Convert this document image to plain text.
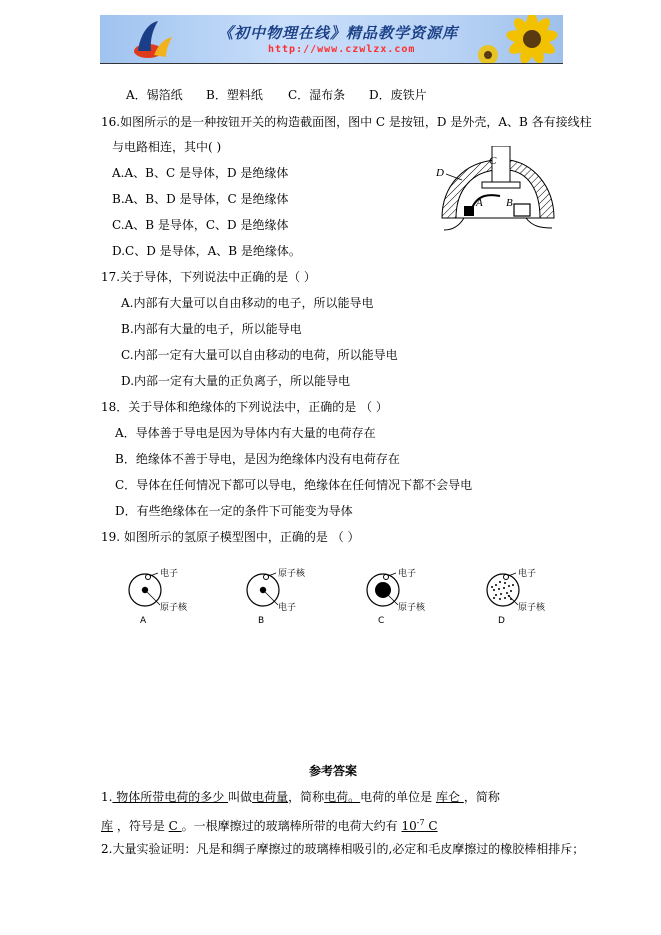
《初中物理在线》精品教学资源库
http://www.czwlzx.com
A．锡箔纸 B．塑料纸 C．湿布条 D．废铁片
16.如图所示的是一种按钮开关的构造截面图，图中 C 是按钮，D 是外壳，A、B 各有接线柱
与电路相连，其中( )
A.A、B、C 是导体，D 是绝缘体
B.A、B、D 是导体，C 是绝缘体
C.A、B 是导体，C、D 是绝缘体
D.C、D 是导体，A、B 是绝缘体。
C
D
A B
17.关于导体，下列说法中正确的是（ ）
A.内部有大量可以自由移动的电子，所以能导电
B.内部有大量的电子，所以能导电
C.内部一定有大量可以自由移动的电荷，所以能导电
D.内部一定有大量的正负离子，所以能导电
18．关于导体和绝缘体的下列说法中，正确的是 （ ）
A．导体善于导电是因为导体内有大量的电荷存在
B．绝缘体不善于导电，是因为绝缘体内没有电荷存在
C．导体在任何情况下都可以导电，绝缘体在任何情况下都不会导电
D．有些绝缘体在一定的条件下可能变为导体
19. 如图所示的氢原子模型图中，正确的是 （ ）
电子
原子核
A
原子核
电子
B
电子
原子核
C
电子
原子核
D
参考答案
1. 物体所带电荷的多少 叫做电荷量，简称电荷。电荷的单位是 库仑 ，简称
库 ，符号是 C 。一根摩擦过的玻璃棒所带的电荷大约有 $10^{-7}$ C
2.大量实验证明：凡是和绸子摩擦过的玻璃棒相吸引的,必定和毛皮摩擦过的橡胶棒相排斥；
